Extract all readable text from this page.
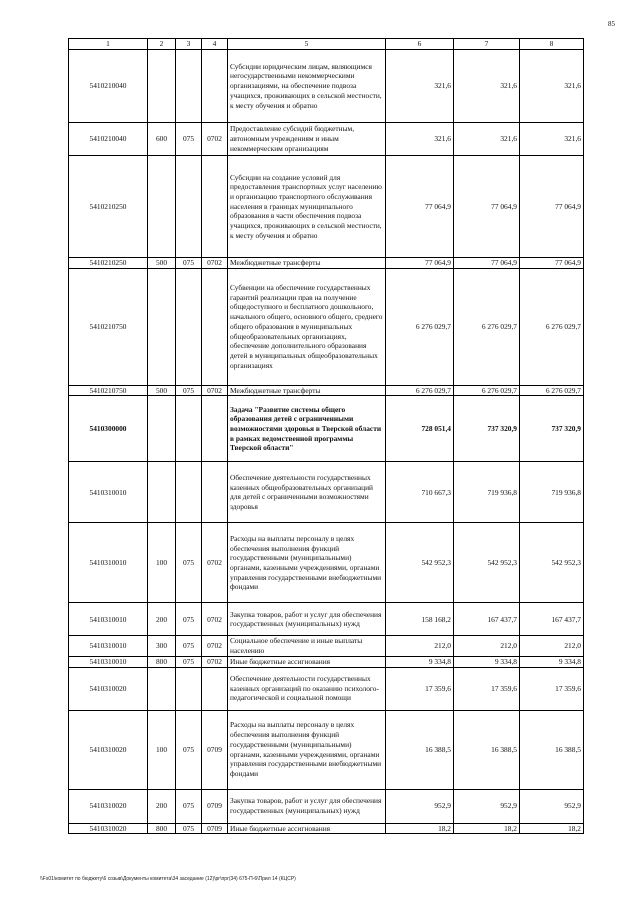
85
1	2	3	4	5	6	7	8
5410210040				Субсидии юридическим лицам, являющимся негосударственными некоммерческими организациями, на обеспечение подвоза учащихся, проживающих в сельской местности, к месту обучения и обратно	321,6	321,6	321,6
5410210040	600	075	0702	Предоставление субсидий бюджетным, автономным учреждениям и иным некоммерческим организациям	321,6	321,6	321,6
5410210250				Субсидии на создание условий для предоставления транспортных услуг населению и организацию транспортного обслуживания населения в границах муниципального образования в части обеспечения подвоза учащихся, проживающих в сельской местности, к месту обучения и обратно	77 064,9	77 064,9	77 064,9
5410210250	500	075	0702	Межбюджетные трансферты	77 064,9	77 064,9	77 064,9
5410210750				Субвенции на обеспечение государственных гарантий реализации прав на получение общедоступного и бесплатного дошкольного, начального общего, основного общего, среднего общего образования в муниципальных общеобразовательных организациях, обеспечение дополнительного образования детей в муниципальных общеобразовательных организациях	6 276 029,7	6 276 029,7	6 276 029,7
5410210750	500	075	0702	Межбюджетные трансферты	6 276 029,7	6 276 029,7	6 276 029,7
5410300000				Задача "Развитие системы общего образования детей с ограниченными возможностями здоровья в Тверской области в рамках ведомственной программы Тверской области"	728 051,4	737 320,9	737 320,9
5410310010				Обеспечение деятельности государственных казенных общеобразовательных организаций для детей с ограниченными возможностями здоровья	710 667,3	719 936,8	719 936,8
5410310010	100	075	0702	Расходы на выплаты персоналу в целях обеспечения выполнения функций государственными (муниципальными) органами, казенными учреждениями, органами управления государственными внебюджетными фондами	542 952,3	542 952,3	542 952,3
5410310010	200	075	0702	Закупка товаров, работ и услуг для обеспечения государственных (муниципальных) нужд	158 168,2	167 437,7	167 437,7
5410310010	300	075	0702	Социальное обеспечение и иные выплаты населению	212,0	212,0	212,0
5410310010	800	075	0702	Иные бюджетные ассигнования	9 334,8	9 334,8	9 334,8
5410310020				Обеспечение деятельности государственных казенных организаций по оказанию психолого-педагогической и социальной помощи	17 359,6	17 359,6	17 359,6
5410310020	100	075	0709	Расходы на выплаты персоналу в целях обеспечения выполнения функций государственными (муниципальными) органами, казенными учреждениями, органами управления государственными внебюджетными фондами	16 388,5	16 388,5	16 388,5
5410310020	200	075	0709	Закупка товаров, работ и услуг для обеспечения государственных (муниципальных) нужд	952,9	952,9	952,9
5410310020	800	075	0709	Иные бюджетные ассигнования	18,2	18,2	18,2
\\Fs01\комитет по бюджету\6 созыв\Документы комитета\34 заседание (12)\рг\прг(34) 675-П-6\Прил 14 (КЦСР)
